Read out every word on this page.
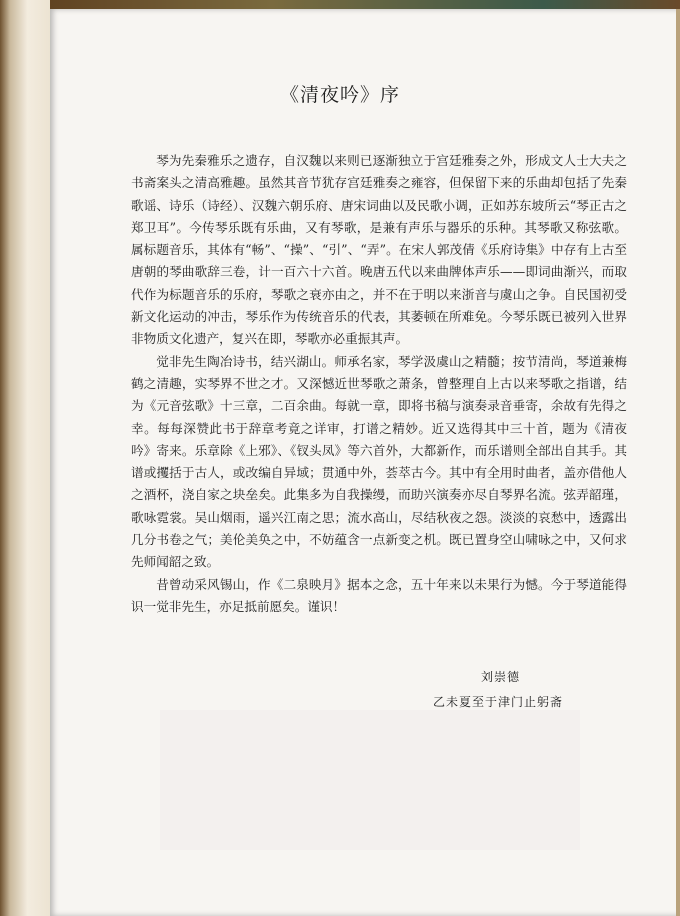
《清夜吟》序

琴为先秦雅乐之遗存，自汉魏以来则已逐渐独立于宫廷雅奏之外，形成文人士大夫之书斋案头之清高雅趣。虽然其音节犹存宫廷雅奏之雍容，但保留下来的乐曲却包括了先秦歌谣、诗乐（诗经）、汉魏六朝乐府、唐宋词曲以及民歌小调，正如苏东坡所云“琴正古之郑卫耳”。今传琴乐既有乐曲，又有琴歌，是兼有声乐与器乐的乐种。其琴歌又称弦歌。属标题音乐，其体有“畅”、“操”、“引”、“弄”。在宋人郭茂倩《乐府诗集》中存有上古至唐朝的琴曲歌辞三卷，计一百六十六首。晚唐五代以来曲牌体声乐——即词曲渐兴，而取代作为标题音乐的乐府，琴歌之衰亦由之，并不在于明以来浙音与虞山之争。自民国初受新文化运动的冲击，琴乐作为传统音乐的代表，其萎顿在所难免。今琴乐既已被列入世界非物质文化遗产，复兴在即，琴歌亦必重振其声。

觉非先生陶冶诗书，结兴湖山。师承名家，琴学汲虞山之精髓；按节清尚，琴道兼梅鹤之清趣，实琴界不世之才。又深憾近世琴歌之萧条，曾整理自上古以来琴歌之指谱，结为《元音弦歌》十三章，二百余曲。每就一章，即将书稿与演奏录音垂寄，余故有先得之幸。每每深赞此书于辞章考竟之详审，打谱之精妙。近又选得其中三十首，题为《清夜吟》寄来。乐章除《上邪》、《钗头凤》等六首外，大都新作，而乐谱则全部出自其手。其谱或攫括于古人，或改编自异域；贯通中外，荟萃古今。其中有全用时曲者，盖亦借他人之酒杯，浇自家之块垒矣。此集多为自我操缦，而助兴演奏亦尽自琴界名流。弦弄韶瑾，歌咏霓裳。吴山烟雨，遥兴江南之思；流水高山，尽结秋夜之怨。淡淡的哀愁中，透露出几分书卷之气；美伦美奂之中，不妨蕴含一点新变之机。既已置身空山啸咏之中，又何求先师闻韶之致。

昔曾动采风锡山，作《二泉映月》据本之念，五十年来以未果行为憾。今于琴道能得识一觉非先生，亦足抵前愿矣。谨识！

刘崇德
乙未夏至于津门止躬斋
